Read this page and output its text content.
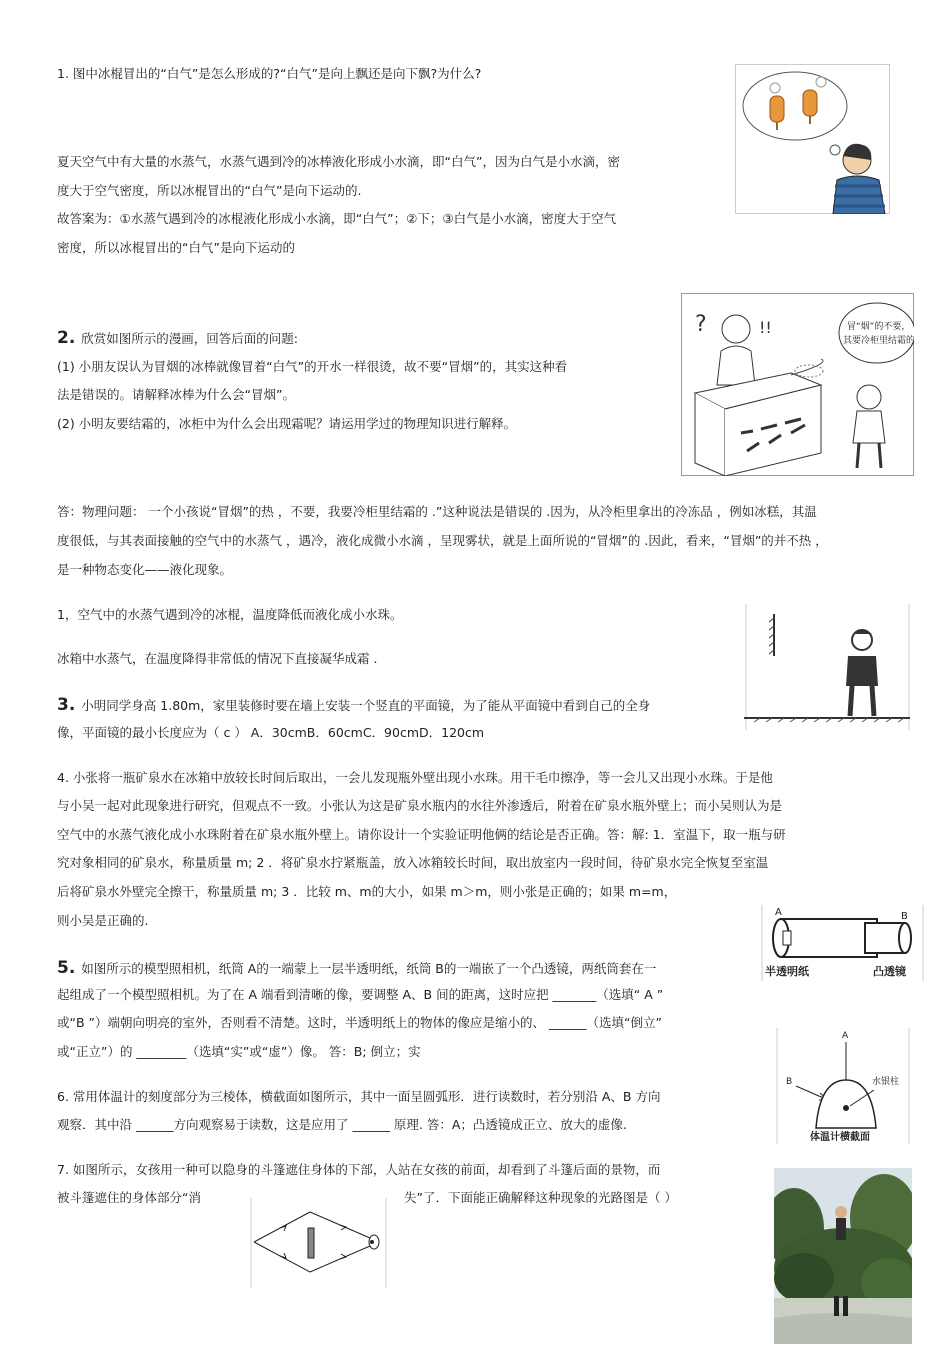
1. 图中冰棍冒出的“白气”是怎么形成的?“白气”是向上飘还是向下飘?为什么?
夏天空气中有大量的水蒸气，水蒸气遇到冷的冰棒液化形成小水滴，即“白气”，因为白气是小水滴，密
度大于空气密度，所以冰棍冒出的“白气”是向下运动的.
故答案为：①水蒸气遇到冷的冰棍液化形成小水滴，即“白气”；②下；③白气是小水滴，密度大于空气
密度，所以冰棍冒出的“白气”是向下运动的
2. 欣赏如图所示的漫画，回答后面的问题:
(1) 小朋友误认为冒烟的冰棒就像冒着“白气”的开水一样很烫，故不要“冒烟”的，其实这种看
法是错误的。请解释冰棒为什么会“冒烟”。
(2) 小明友要结霜的，冰柜中为什么会出现霜呢？请运用学过的物理知识进行解释。
?	!!	冒“烟”的不要， 其要冷柜里结霜的
答：物理问题： 一个小孩说“冒烟”的热 ，不要，我要冷柜里结霜的 .”这种说法是错误的 .因为，从冷柜里拿出的冷冻品 ，例如冰糕，其温
度很低，与其表面接触的空气中的水蒸气 ，遇冷，液化成微小水滴 ，呈现雾状，就是上面所说的“冒烟”的 .因此，看来，“冒烟”的并不热 ，
是一种物态变化——液化现象。
1，空气中的水蒸气遇到冷的冰棍，温度降低而液化成小水珠。
冰箱中水蒸气，在温度降得非常低的情况下直接凝华成霜 .
3. 小明同学身高 1.80m，家里装修时要在墙上安装一个竖直的平面镜，为了能从平面镜中看到自己的全身
像，平面镜的最小长度应为（ c ） A．30cmB．60cmC．90cmD．120cm
4. 小张将一瓶矿泉水在冰箱中放较长时间后取出，一会儿发现瓶外壁出现小水珠。用干毛巾擦净，等一会儿又出现小水珠。于是他
与小吴一起对此现象进行研究，但观点不一致。小张认为这是矿泉水瓶内的水往外渗透后，附着在矿泉水瓶外壁上；而小吴则认为是
空气中的水蒸气液化成小水珠附着在矿泉水瓶外壁上。请你设计一个实验证明他俩的结论是否正确。答：解: 1．室温下，取一瓶与研
究对象相同的矿泉水，称量质量 m; 2 ．将矿泉水拧紧瓶盖，放入冰箱较长时间，取出放室内一段时间，待矿泉水完全恢复至室温
后将矿泉水外壁完全擦干，称量质量 m; 3 ．比较 m、m的大小，如果 m＞m，则小张是正确的；如果 m=m，
则小吴是正确的.
5. 如图所示的模型照相机，纸筒 A的一端蒙上一层半透明纸，纸筒 B的一端嵌了一个凸透镜，两纸筒套在一
起组成了一个模型照相机。为了在 A 端看到清晰的像，要调整 A、B 间的距离，这时应把 _______（选填“ A ”
或“B ”）端朝向明亮的室外，否则看不清楚。这时，半透明纸上的物体的像应是缩小的、 ______（选填“倒立”
或“正立”）的 ________（选填“实”或“虚”）像。 答：B; 倒立；实
A	B
半透明纸	凸透镜
6. 常用体温计的刻度部分为三棱体，横截面如图所示，其中一面呈圆弧形．进行读数时，若分别沿 A、B 方向
观察．其中沿 ______方向观察易于读数，这是应用了 ______ 原理. 答：A；凸透镜成正立、放大的虚像.
A
B	水银柱
体温计横截面
7. 如图所示，女孩用一种可以隐身的斗篷遮住身体的下部，人站在女孩的前面，却看到了斗篷后面的景物，而
被斗篷遮住的身体部分“消	失”了．下面能正确解释这种现象的光路图是（ ）
